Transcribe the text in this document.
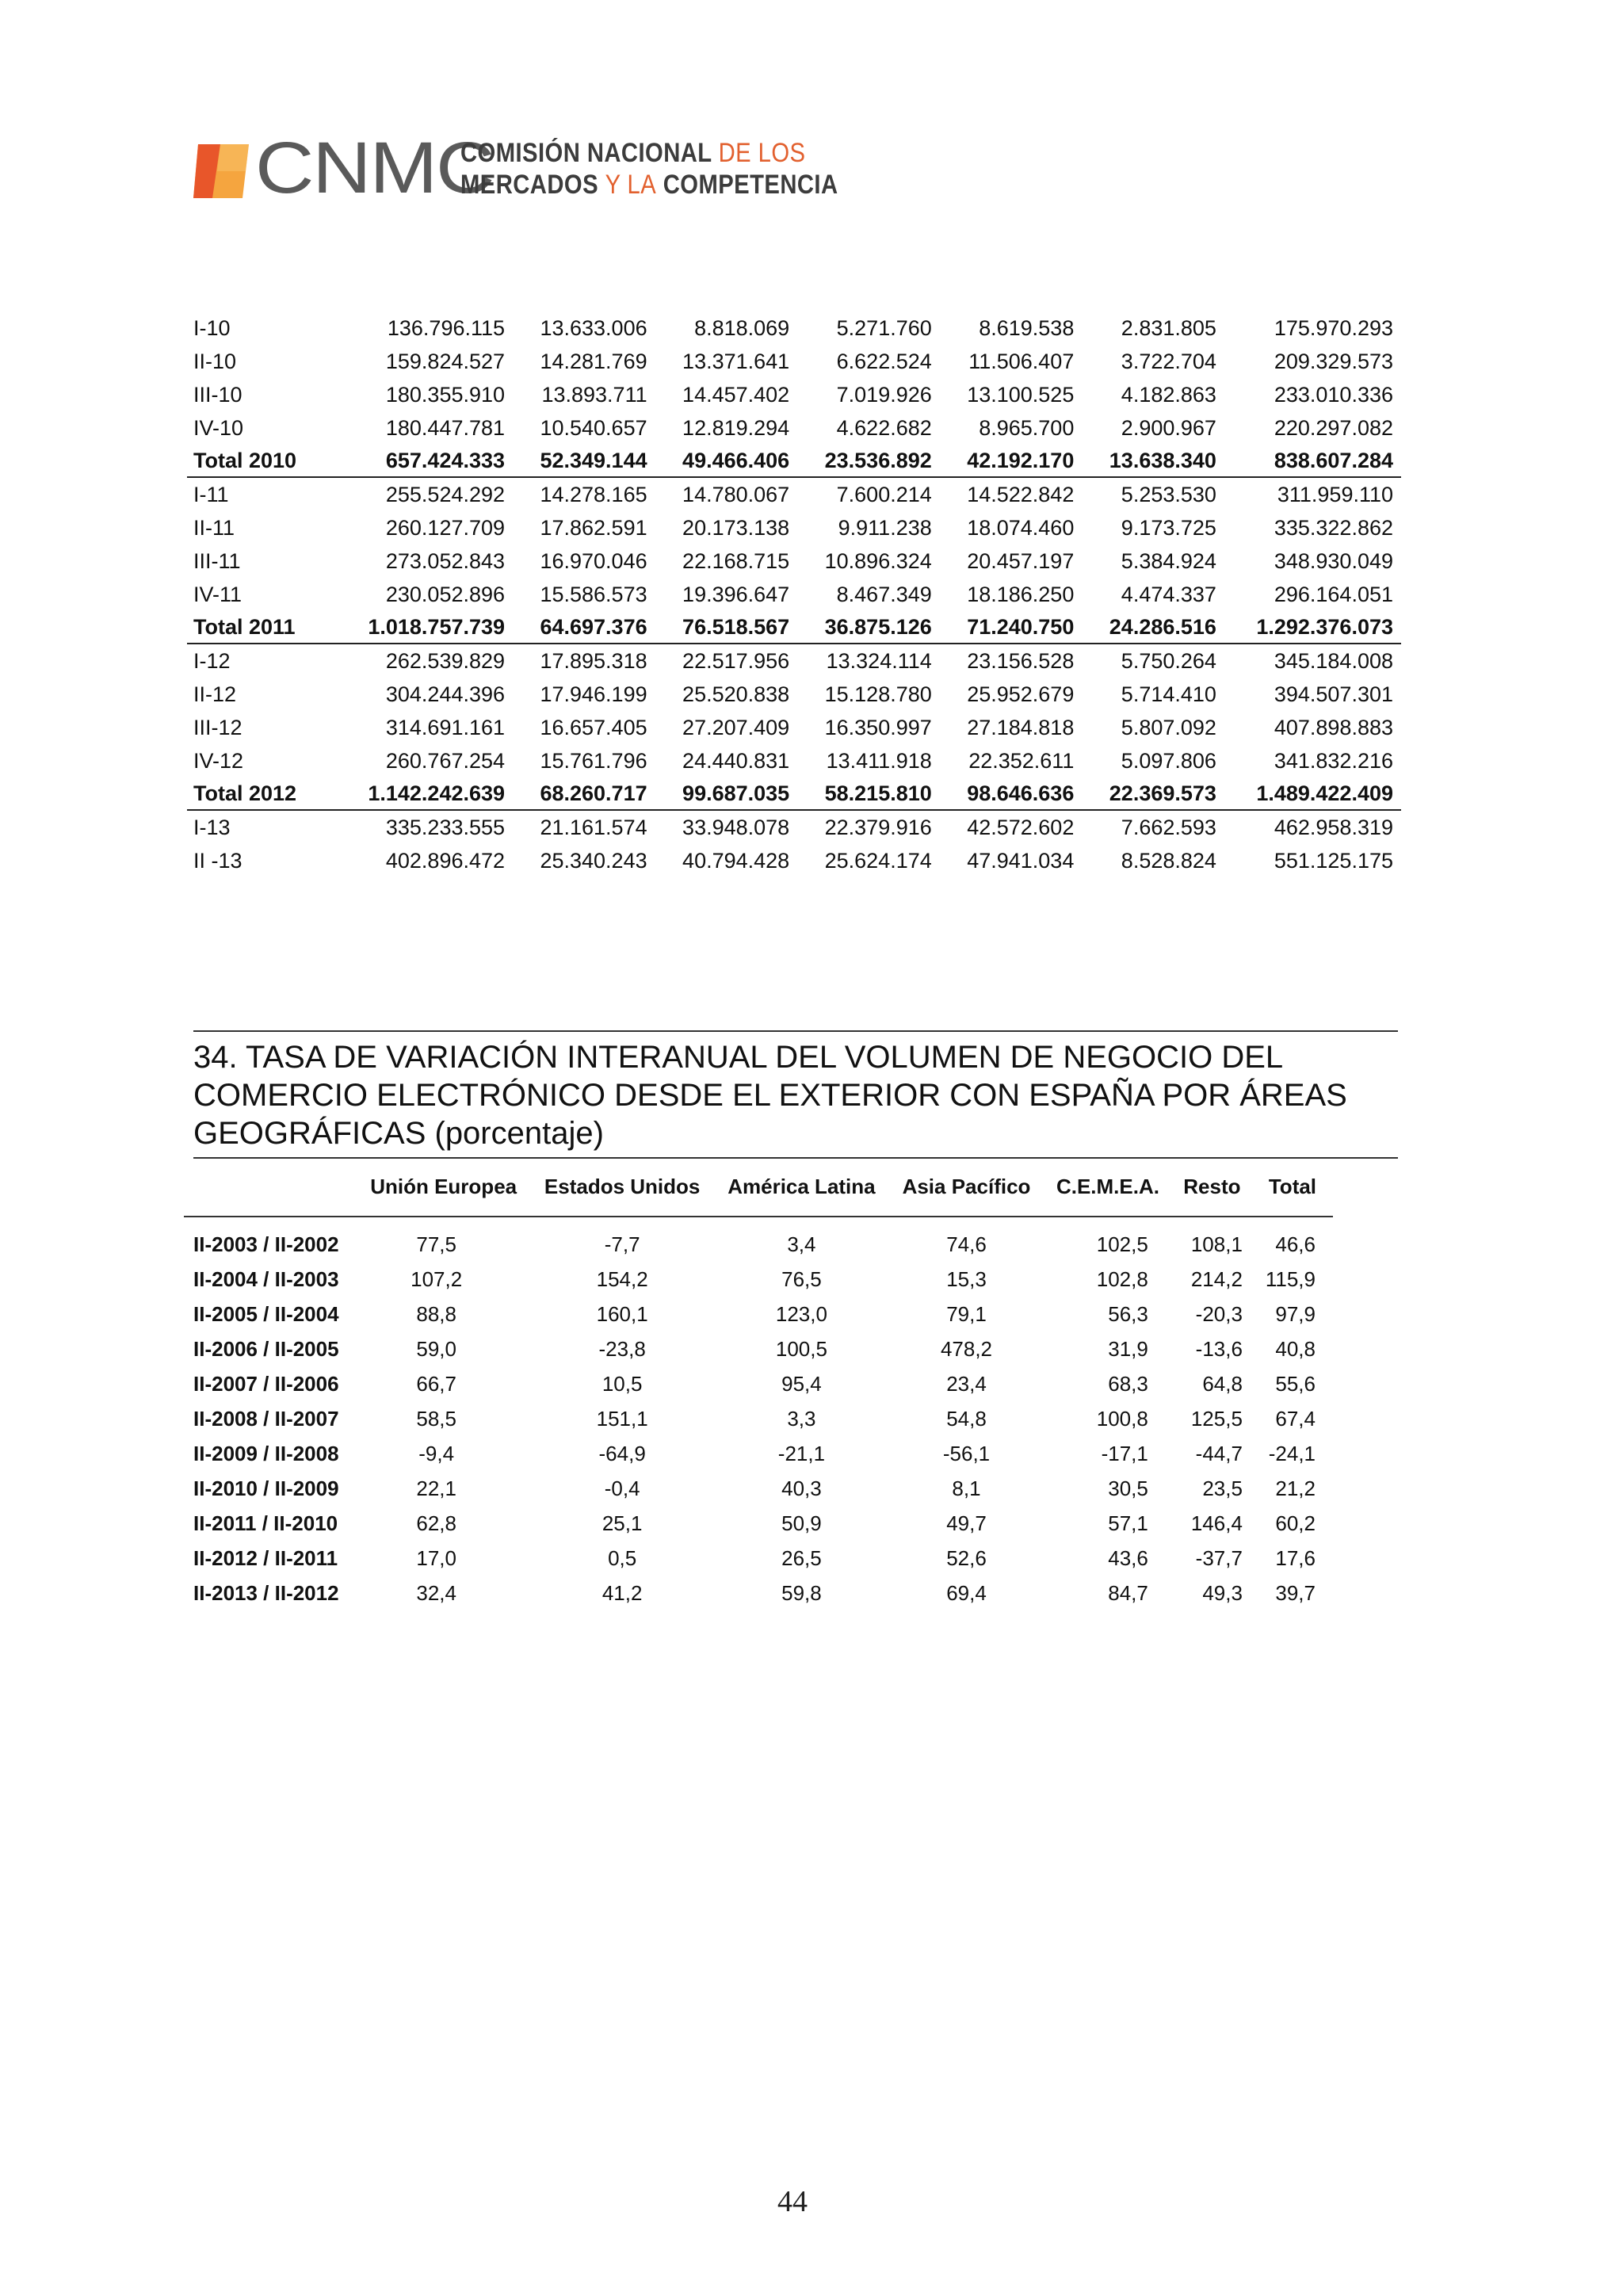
CNMC
COMISIÓN NACIONAL DE LOS
MERCADOS Y LA COMPETENCIA
I-10	136.796.115	13.633.006	8.818.069	5.271.760	8.619.538	2.831.805	175.970.293
II-10	159.824.527	14.281.769	13.371.641	6.622.524	11.506.407	3.722.704	209.329.573
III-10	180.355.910	13.893.711	14.457.402	7.019.926	13.100.525	4.182.863	233.010.336
IV-10	180.447.781	10.540.657	12.819.294	4.622.682	8.965.700	2.900.967	220.297.082
Total 2010	657.424.333	52.349.144	49.466.406	23.536.892	42.192.170	13.638.340	838.607.284
I-11	255.524.292	14.278.165	14.780.067	7.600.214	14.522.842	5.253.530	311.959.110
II-11	260.127.709	17.862.591	20.173.138	9.911.238	18.074.460	9.173.725	335.322.862
III-11	273.052.843	16.970.046	22.168.715	10.896.324	20.457.197	5.384.924	348.930.049
IV-11	230.052.896	15.586.573	19.396.647	8.467.349	18.186.250	4.474.337	296.164.051
Total 2011	1.018.757.739	64.697.376	76.518.567	36.875.126	71.240.750	24.286.516	1.292.376.073
I-12	262.539.829	17.895.318	22.517.956	13.324.114	23.156.528	5.750.264	345.184.008
II-12	304.244.396	17.946.199	25.520.838	15.128.780	25.952.679	5.714.410	394.507.301
III-12	314.691.161	16.657.405	27.207.409	16.350.997	27.184.818	5.807.092	407.898.883
IV-12	260.767.254	15.761.796	24.440.831	13.411.918	22.352.611	5.097.806	341.832.216
Total 2012	1.142.242.639	68.260.717	99.687.035	58.215.810	98.646.636	22.369.573	1.489.422.409
I-13	335.233.555	21.161.574	33.948.078	22.379.916	42.572.602	7.662.593	462.958.319
II -13	402.896.472	25.340.243	40.794.428	25.624.174	47.941.034	8.528.824	551.125.175
34. TASA DE VARIACIÓN INTERANUAL DEL VOLUMEN DE NEGOCIO DEL COMERCIO ELECTRÓNICO DESDE EL EXTERIOR CON ESPAÑA POR ÁREAS GEOGRÁFICAS (porcentaje)
	Unión Europea	Estados Unidos	América Latina	Asia Pacífico	C.E.M.E.A.	Resto	Total

II-2003 / II-2002	77,5	-7,7	3,4	74,6	102,5	108,1	46,6
II-2004 / II-2003	107,2	154,2	76,5	15,3	102,8	214,2	115,9
II-2005 / II-2004	88,8	160,1	123,0	79,1	56,3	-20,3	97,9
II-2006 / II-2005	59,0	-23,8	100,5	478,2	31,9	-13,6	40,8
II-2007 / II-2006	66,7	10,5	95,4	23,4	68,3	64,8	55,6
II-2008 / II-2007	58,5	151,1	3,3	54,8	100,8	125,5	67,4
II-2009 / II-2008	-9,4	-64,9	-21,1	-56,1	-17,1	-44,7	-24,1
II-2010 / II-2009	22,1	-0,4	40,3	8,1	30,5	23,5	21,2
II-2011 / II-2010	62,8	25,1	50,9	49,7	57,1	146,4	60,2
II-2012 / II-2011	17,0	0,5	26,5	52,6	43,6	-37,7	17,6
II-2013 / II-2012	32,4	41,2	59,8	69,4	84,7	49,3	39,7
44
